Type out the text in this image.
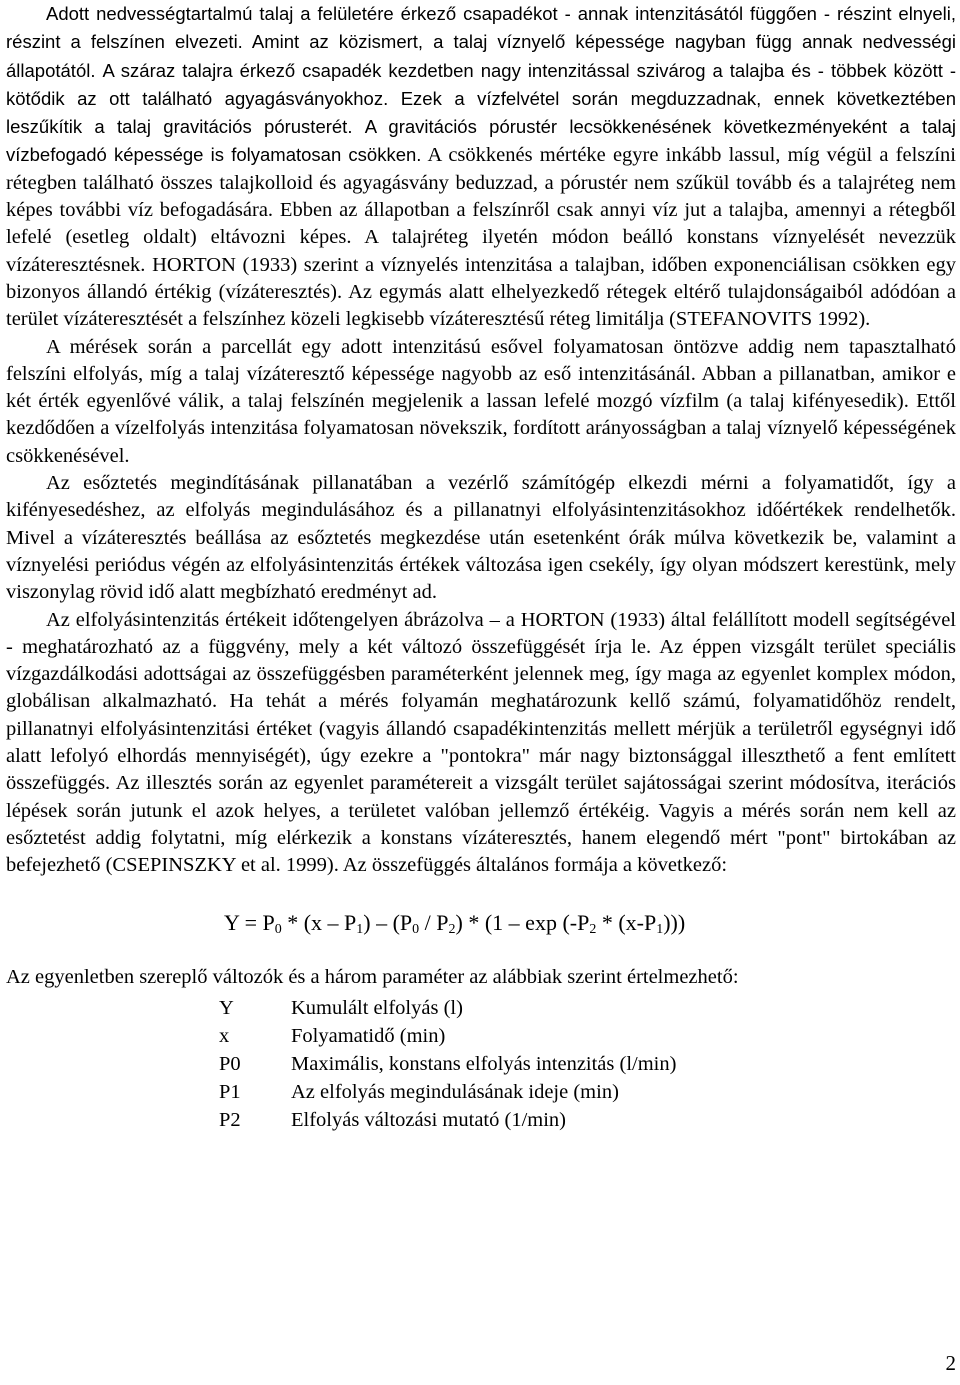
Adott nedvességtartalmú talaj a felületére érkező csapadékot - annak intenzitásától függően - részint elnyeli, részint a felszínen elvezeti. Amint az közismert, a talaj víznyelő képessége nagyban függ annak nedvességi állapotától. A száraz talajra érkező csapadék kezdetben nagy intenzitással szivárog a talajba és - többek között - kötődik az ott található agyagásványokhoz. Ezek a vízfelvétel során megduzzadnak, ennek következtében leszűkítik a talaj gravitációs pórusterét. A gravitációs pórustér lecsökkenésének következményeként a talaj vízbefogadó képessége is folyamatosan csökken. A csökkenés mértéke egyre inkább lassul, míg végül a felszíni rétegben található összes talajkolloid és agyagásvány beduzzad, a pórustér nem szűkül tovább és a talajréteg nem képes további víz befogadására. Ebben az állapotban a felszínről csak annyi víz jut a talajba, amennyi a rétegből lefelé (esetleg oldalt) eltávozni képes. A talajréteg ilyetén módon beálló konstans víznyelését nevezzük vízáteresztésnek. HORTON (1933) szerint a víznyelés intenzitása a talajban, időben exponenciálisan csökken egy bizonyos állandó értékig (vízáteresztés). Az egymás alatt elhelyezkedő rétegek eltérő tulajdonságaiból adódóan a terület vízáteresztését a felszínhez közeli legkisebb vízáteresztésű réteg limitálja (STEFANOVITS 1992).

A mérések során a parcellát egy adott intenzitású esővel folyamatosan öntözve addig nem tapasztalható felszíni elfolyás, míg a talaj vízáteresztő képessége nagyobb az eső intenzitásánál. Abban a pillanatban, amikor e két érték egyenlővé válik, a talaj felszínén megjelenik a lassan lefelé mozgó vízfilm (a talaj kifényesedik). Ettől kezdődően a vízelfolyás intenzitása folyamatosan növekszik, fordított arányosságban a talaj víznyelő képességének csökkenésével.

Az esőztetés megindításának pillanatában a vezérlő számítógép elkezdi mérni a folyamatidőt, így a kifényesedéshez, az elfolyás megindulásához és a pillanatnyi elfolyásintenzitásokhoz időértékek rendelhetők. Mivel a vízáteresztés beállása az esőztetés megkezdése után esetenként órák múlva következik be, valamint a víznyelési periódus végén az elfolyásintenzitás értékek változása igen csekély, így olyan módszert kerestünk, mely viszonylag rövid idő alatt megbízható eredményt ad.

Az elfolyásintenzitás értékeit időtengelyen ábrázolva – a HORTON (1933) által felállított modell segítségével - meghatározható az a függvény, mely a két változó összefüggését írja le. Az éppen vizsgált terület speciális vízgazdálkodási adottságai az összefüggésben paraméterként jelennek meg, így maga az egyenlet komplex módon, globálisan alkalmazható. Ha tehát a mérés folyamán meghatározunk kellő számú, folyamatidőhöz rendelt, pillanatnyi elfolyásintenzitási értéket (vagyis állandó csapadékintenzitás mellett mérjük a területről egységnyi idő alatt lefolyó elhordás mennyiségét), úgy ezekre a "pontokra" már nagy biztonsággal illeszthető a fent említett összefüggés. Az illesztés során az egyenlet paramétereit a vizsgált terület sajátosságai szerint módosítva, iterációs lépések során jutunk el azok helyes, a területet valóban jellemző értékéig. Vagyis a mérés során nem kell az esőztetést addig folytatni, míg elérkezik a konstans vízáteresztés, hanem elegendő mért "pont" birtokában az befejezhető (CSEPINSZKY et al. 1999). Az összefüggés általános formája a következő:

$Y = P_0 * (x - P_1) - (P_0 / P_2) * (1 - \exp (-P_2 * (x-P_1)))$

Az egyenletben szereplő változók és a három paraméter az alábbiak szerint értelmezhető:

Y	Kumulált elfolyás (l)
x	Folyamatidő (min)
P0	Maximális, konstans elfolyás intenzitás (l/min)
P1	Az elfolyás megindulásának ideje (min)
P2	Elfolyás változási mutató (1/min)
2
